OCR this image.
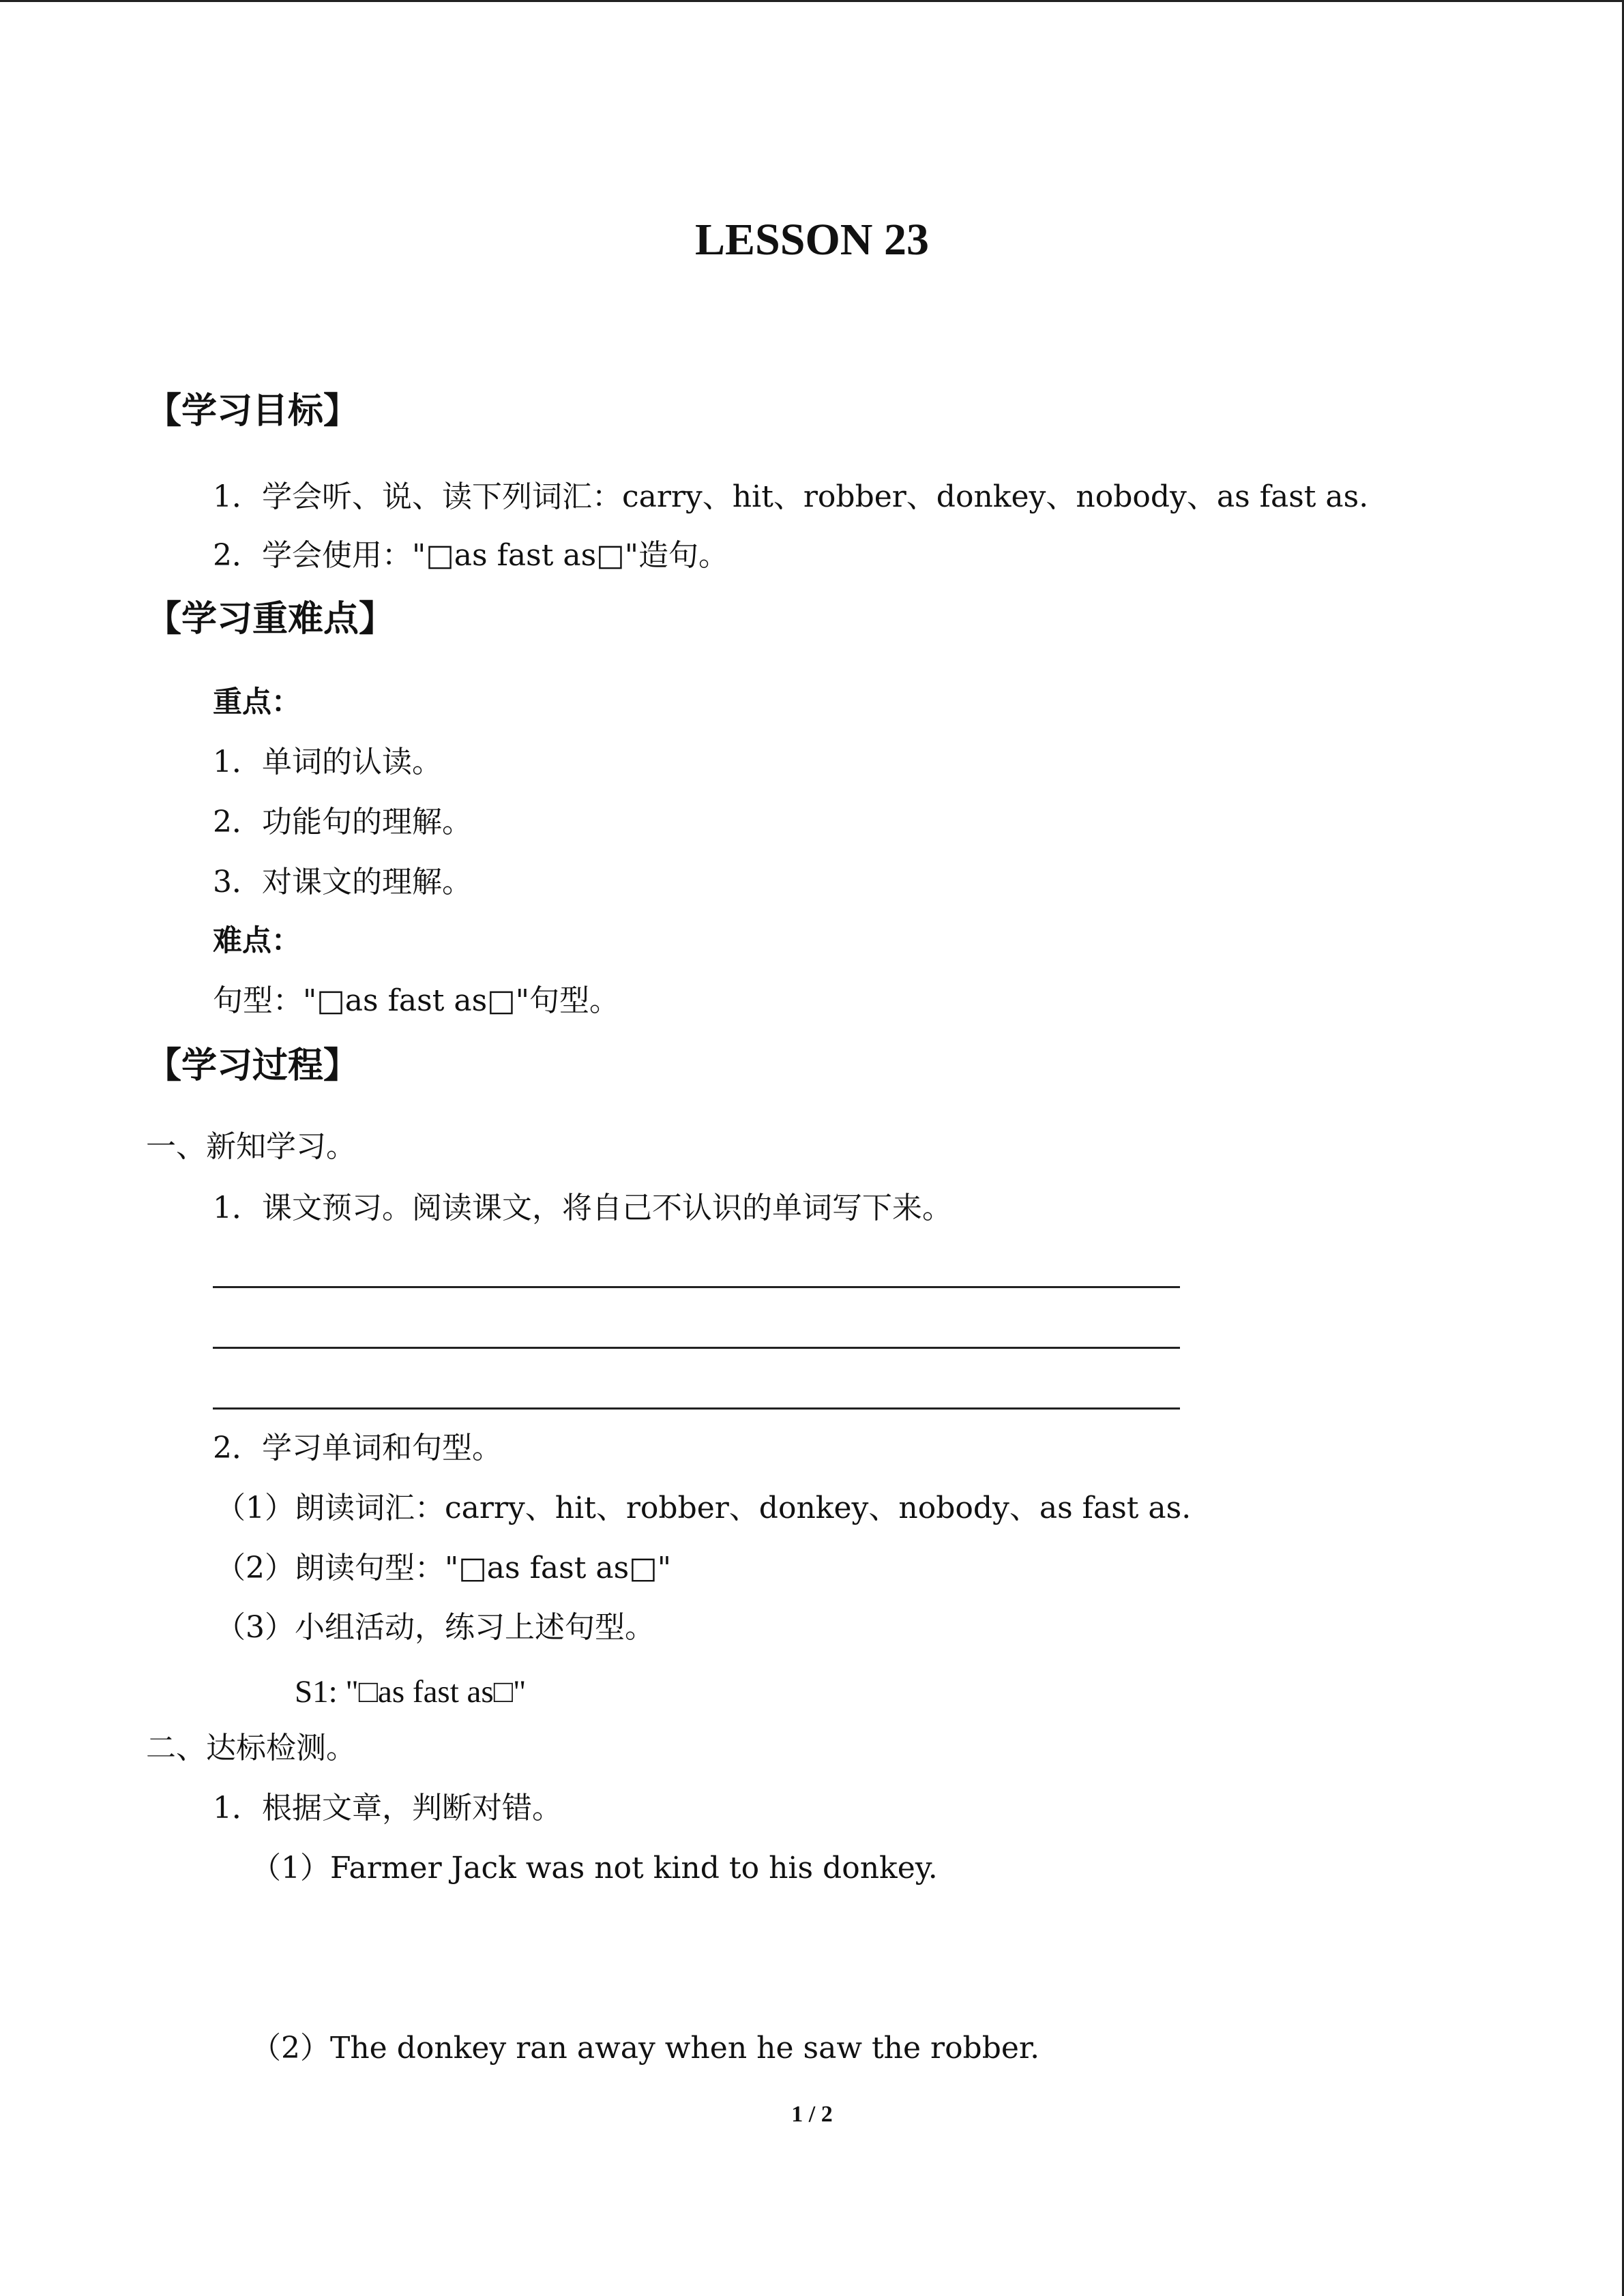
LESSON 23
【学习目标】
1．学会听、说、读下列词汇：carry、hit、robber、donkey、nobody、as fast as.
2．学会使用："□as fast as□"造句。
【学习重难点】
重点：
1．单词的认读。
2．功能句的理解。
3．对课文的理解。
难点：
句型："□as fast as□"句型。
【学习过程】
一、新知学习。
1．课文预习。阅读课文，将自己不认识的单词写下来。
2．学习单词和句型。
（1）朗读词汇：carry、hit、robber、donkey、nobody、as fast as.
（2）朗读句型："□as fast as□"
（3）小组活动，练习上述句型。
S1: "□as fast as□"
二、达标检测。
1．根据文章，判断对错。
（1）Farmer Jack was not kind to his donkey.
（2）The donkey ran away when he saw the robber.
1 / 2
